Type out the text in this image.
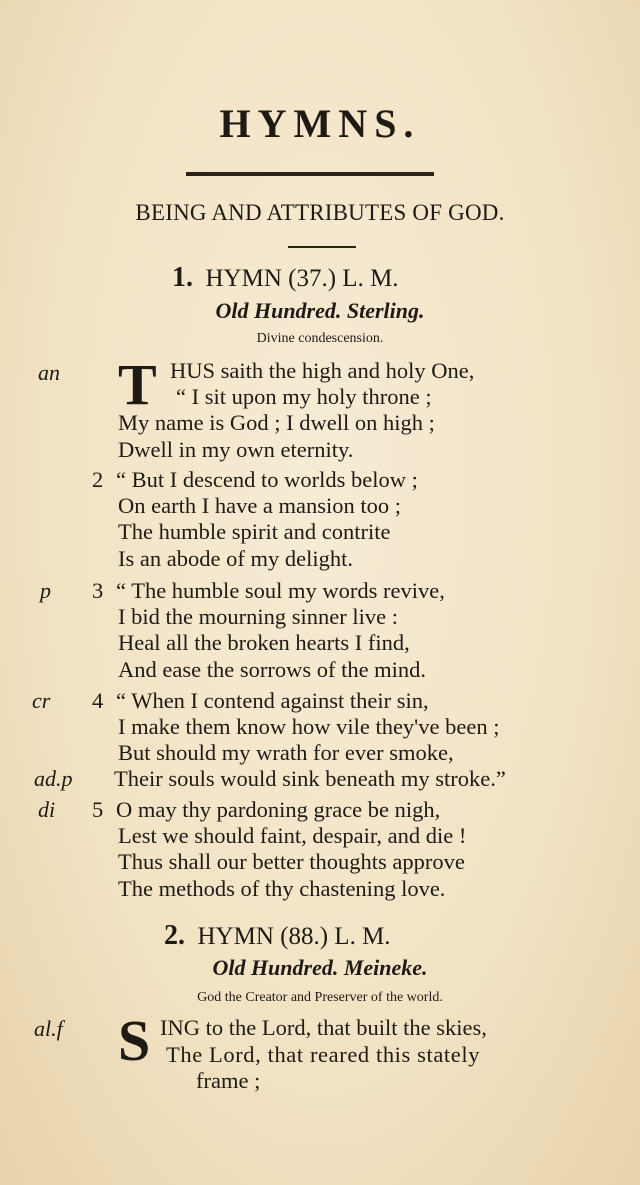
HYMNS.
BEING AND ATTRIBUTES OF GOD.
1. HYMN (37.) L. M.
Old Hundred. Sterling.
Divine condescension.
an T HUS saith the high and holy One,
“ I sit upon my holy throne ;
My name is God ; I dwell on high ;
Dwell in my own eternity.
2 “ But I descend to worlds below ;
On earth I have a mansion too ;
The humble spirit and contrite
Is an abode of my delight.
p 3 “ The humble soul my words revive,
I bid the mourning sinner live :
Heal all the broken hearts I find,
And ease the sorrows of the mind.
cr 4 “ When I contend against their sin,
I make them know how vile they've been ;
But should my wrath for ever smoke,
ad.p Their souls would sink beneath my stroke.”
di 5 O may thy pardoning grace be nigh,
Lest we should faint, despair, and die !
Thus shall our better thoughts approve
The methods of thy chastening love.
2. HYMN (88.) L. M.
Old Hundred. Meineke.
God the Creator and Preserver of the world.
al.f S ING to the Lord, that built the skies,
The Lord, that reared this stately
frame ;
